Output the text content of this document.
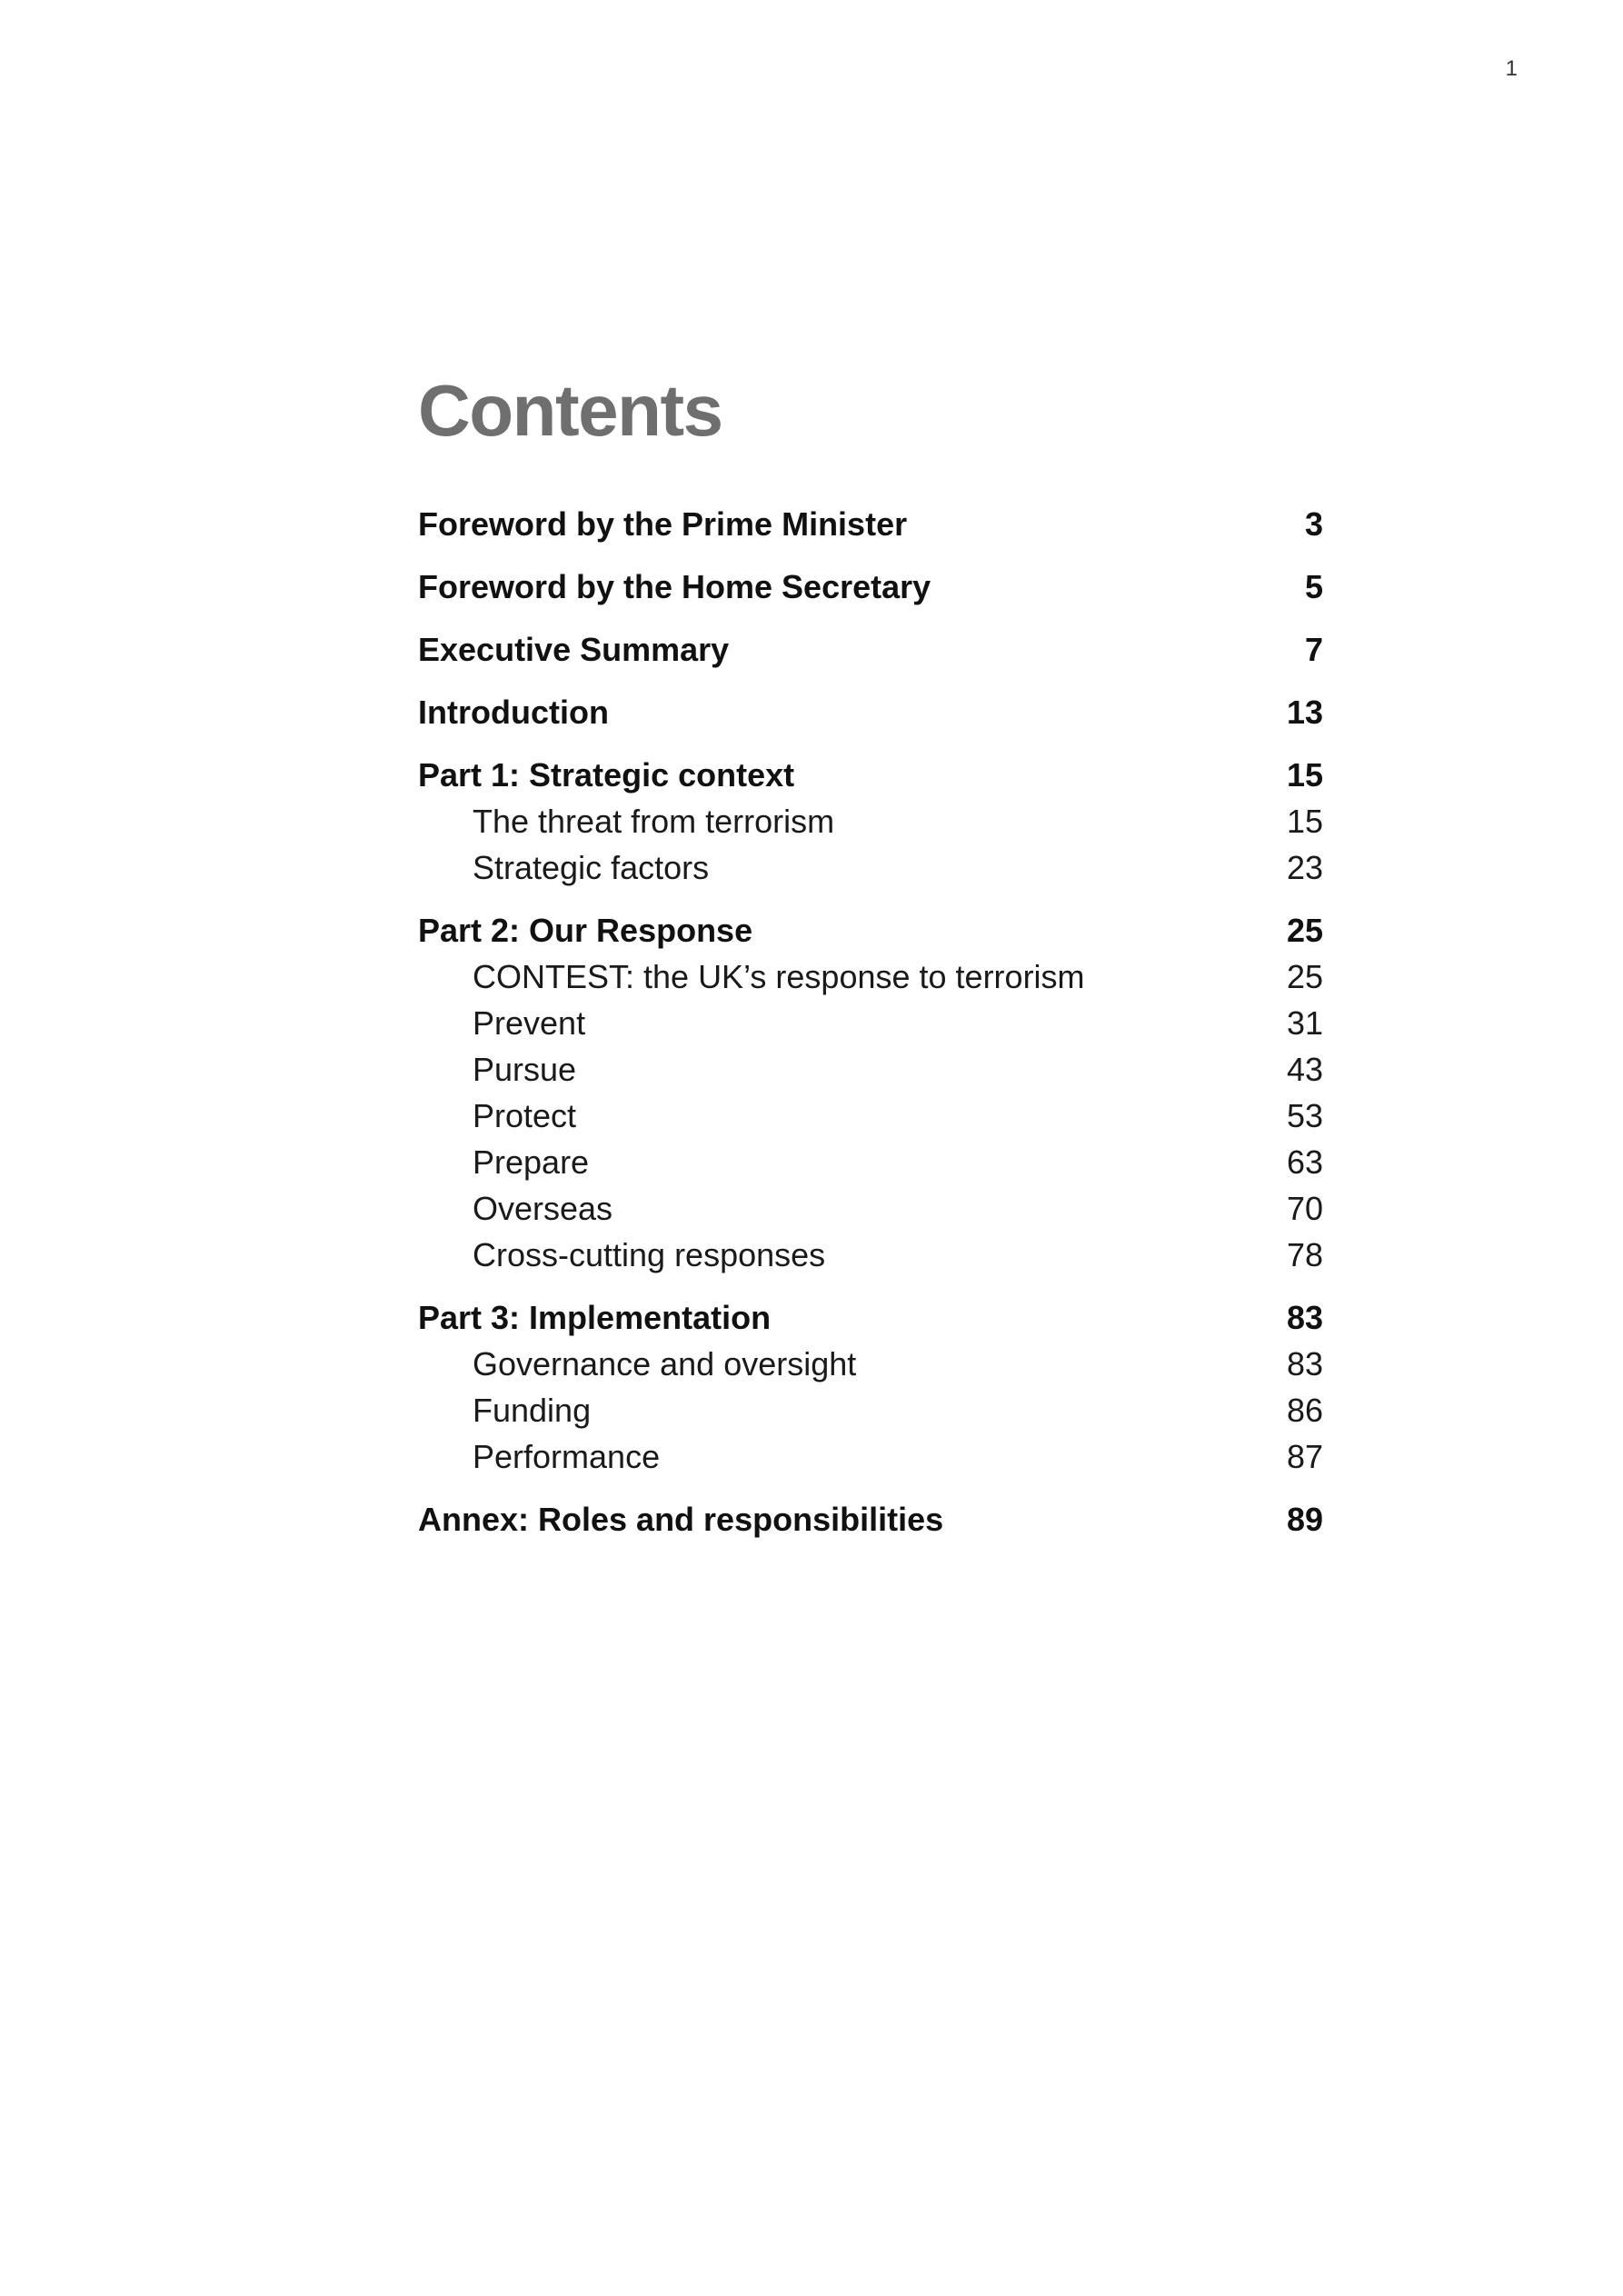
1
Contents
Foreword by the Prime Minister	3
Foreword by the Home Secretary	5
Executive Summary	7
Introduction	13
Part 1: Strategic context	15
The threat from terrorism	15
Strategic factors	23
Part 2: Our Response	25
CONTEST: the UK’s response to terrorism	25
Prevent	31
Pursue	43
Protect	53
Prepare	63
Overseas	70
Cross-cutting responses	78
Part 3: Implementation	83
Governance and oversight	83
Funding	86
Performance	87
Annex: Roles and responsibilities	89
